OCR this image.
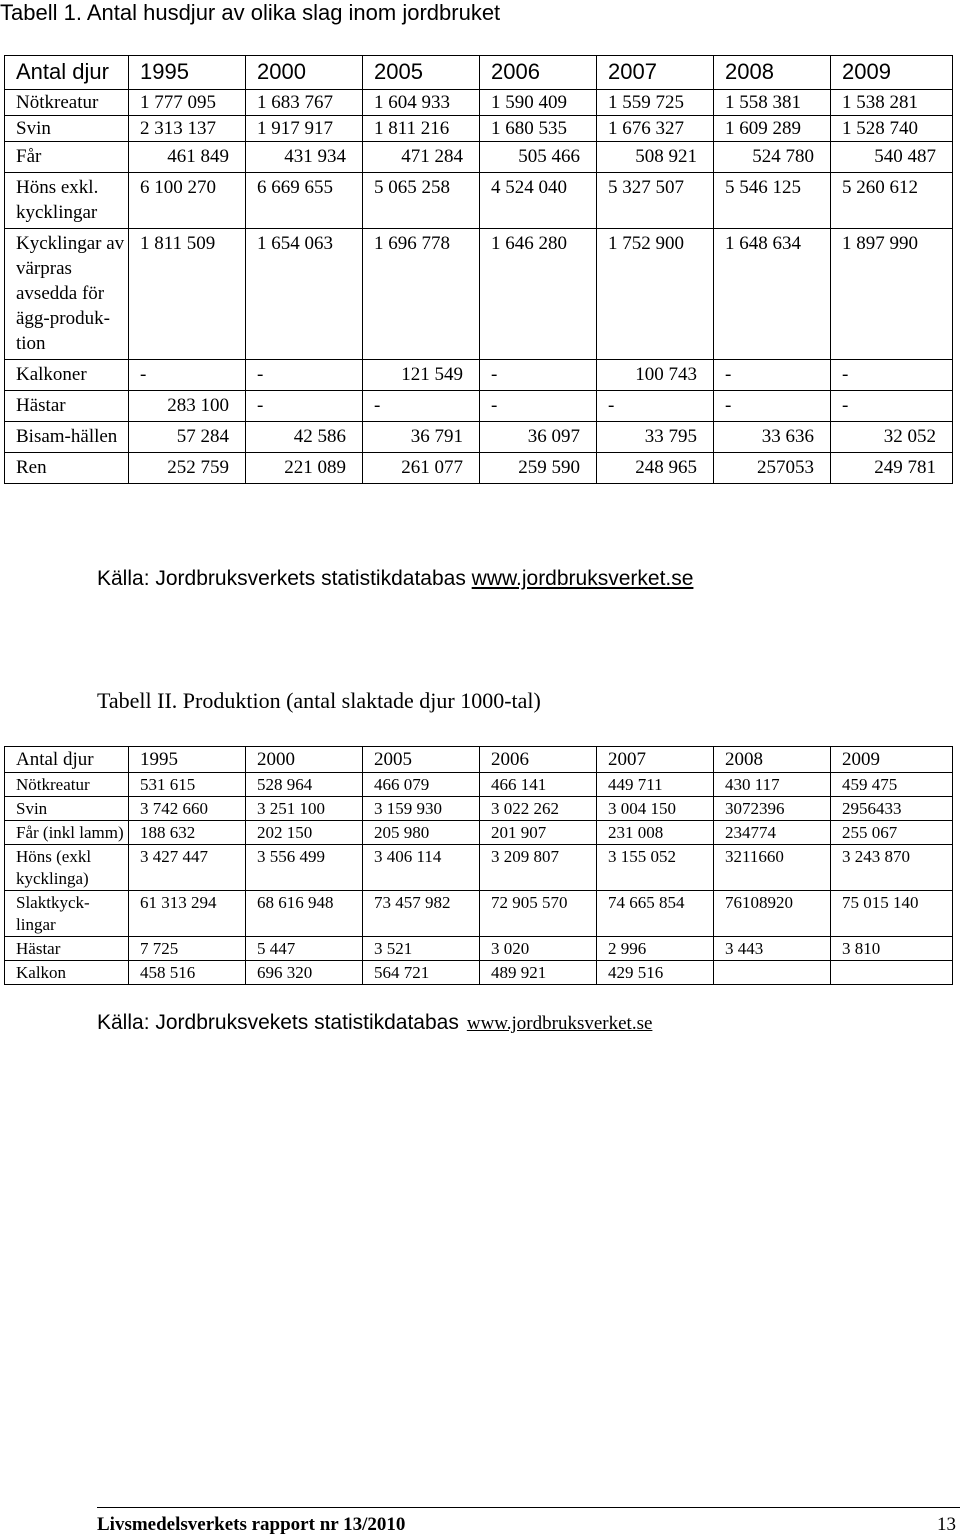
Tabell 1. Antal husdjur av olika slag inom jordbruket
Antal djur	1995	2000	2005	2006	2007	2008	2009
Nötkreatur	1 777 095	1 683 767	1 604 933	1 590 409	1 559 725	1 558 381	1 538 281
Svin	2 313 137	1 917 917	1 811 216	1 680 535	1 676 327	1 609 289	1 528 740
Får	461 849	431 934	471 284	505 466	508 921	524 780	540 487
Höns exkl. kycklingar	6 100 270	6 669 655	5 065 258	4 524 040	5 327 507	5 546 125	5 260 612
Kycklingar av värpras avsedda för ägg-produk-tion	1 811 509	1 654 063	1 696 778	1 646 280	1 752 900	1 648 634	1 897 990
Kalkoner	-	-	121 549	-	100 743	-	-
Hästar	283 100	-	-	-	-	-	-
Bisam-hällen	57 284	42 586	36 791	36 097	33 795	33 636	32 052
Ren	252 759	221 089	261 077	259 590	248 965	257053	249 781
Källa: Jordbruksverkets statistikdatabas www.jordbruksverket.se
Tabell II. Produktion (antal slaktade djur 1000-tal)
Antal djur	1995	2000	2005	2006	2007	2008	2009
Nötkreatur	531 615	528 964	466 079	466 141	449 711	430 117	459 475
Svin	3 742 660	3 251 100	3 159 930	3 022 262	3 004 150	3072396	2956433
Får (inkl lamm)	188 632	202 150	205 980	201 907	231 008	234774	255 067
Höns (exkl kycklinga)	3 427 447	3 556 499	3 406 114	3 209 807	3 155 052	3211660	3 243 870
Slaktkyck-lingar	61 313 294	68 616 948	73 457 982	72 905 570	74 665 854	76108920	75 015 140
Hästar	7 725	5 447	3 521	3 020	2 996	3 443	3 810
Kalkon	458 516	696 320	564 721	489 921	429 516		
Källa: Jordbruksvekets statistikdatabas www.jordbruksverket.se
Livsmedelsverkets rapport nr 13/2010	13
